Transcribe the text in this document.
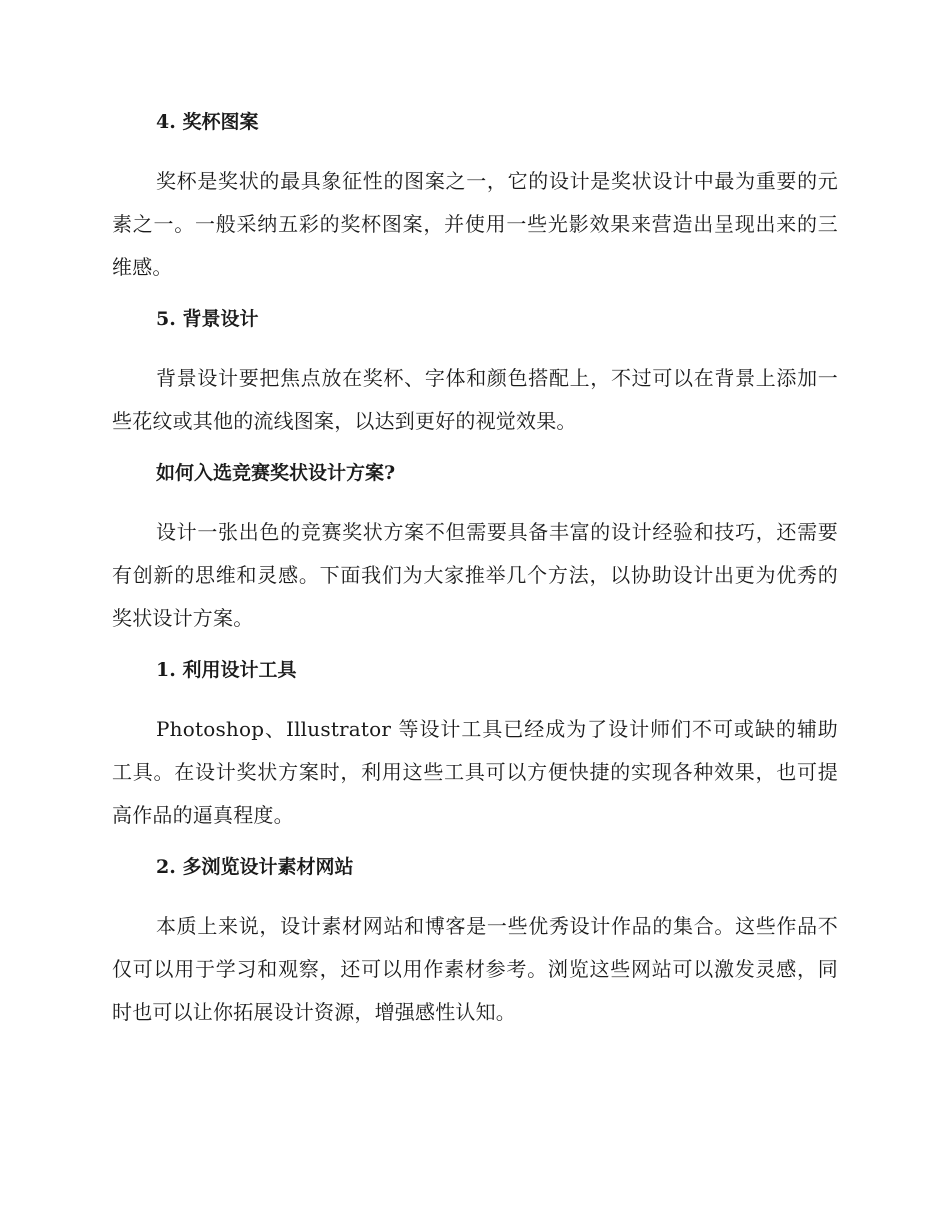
4. 奖杯图案

奖杯是奖状的最具象征性的图案之一，它的设计是奖状设计中最为重要的元素之一。一般采纳五彩的奖杯图案，并使用一些光影效果来营造出呈现出来的三维感。

5. 背景设计

背景设计要把焦点放在奖杯、字体和颜色搭配上，不过可以在背景上添加一些花纹或其他的流线图案，以达到更好的视觉效果。

如何入选竞赛奖状设计方案?

设计一张出色的竞赛奖状方案不但需要具备丰富的设计经验和技巧，还需要有创新的思维和灵感。下面我们为大家推举几个方法，以协助设计出更为优秀的奖状设计方案。

1. 利用设计工具

Photoshop、Illustrator 等设计工具已经成为了设计师们不可或缺的辅助工具。在设计奖状方案时，利用这些工具可以方便快捷的实现各种效果，也可提高作品的逼真程度。

2. 多浏览设计素材网站

本质上来说，设计素材网站和博客是一些优秀设计作品的集合。这些作品不仅可以用于学习和观察，还可以用作素材参考。浏览这些网站可以激发灵感，同时也可以让你拓展设计资源，增强感性认知。
